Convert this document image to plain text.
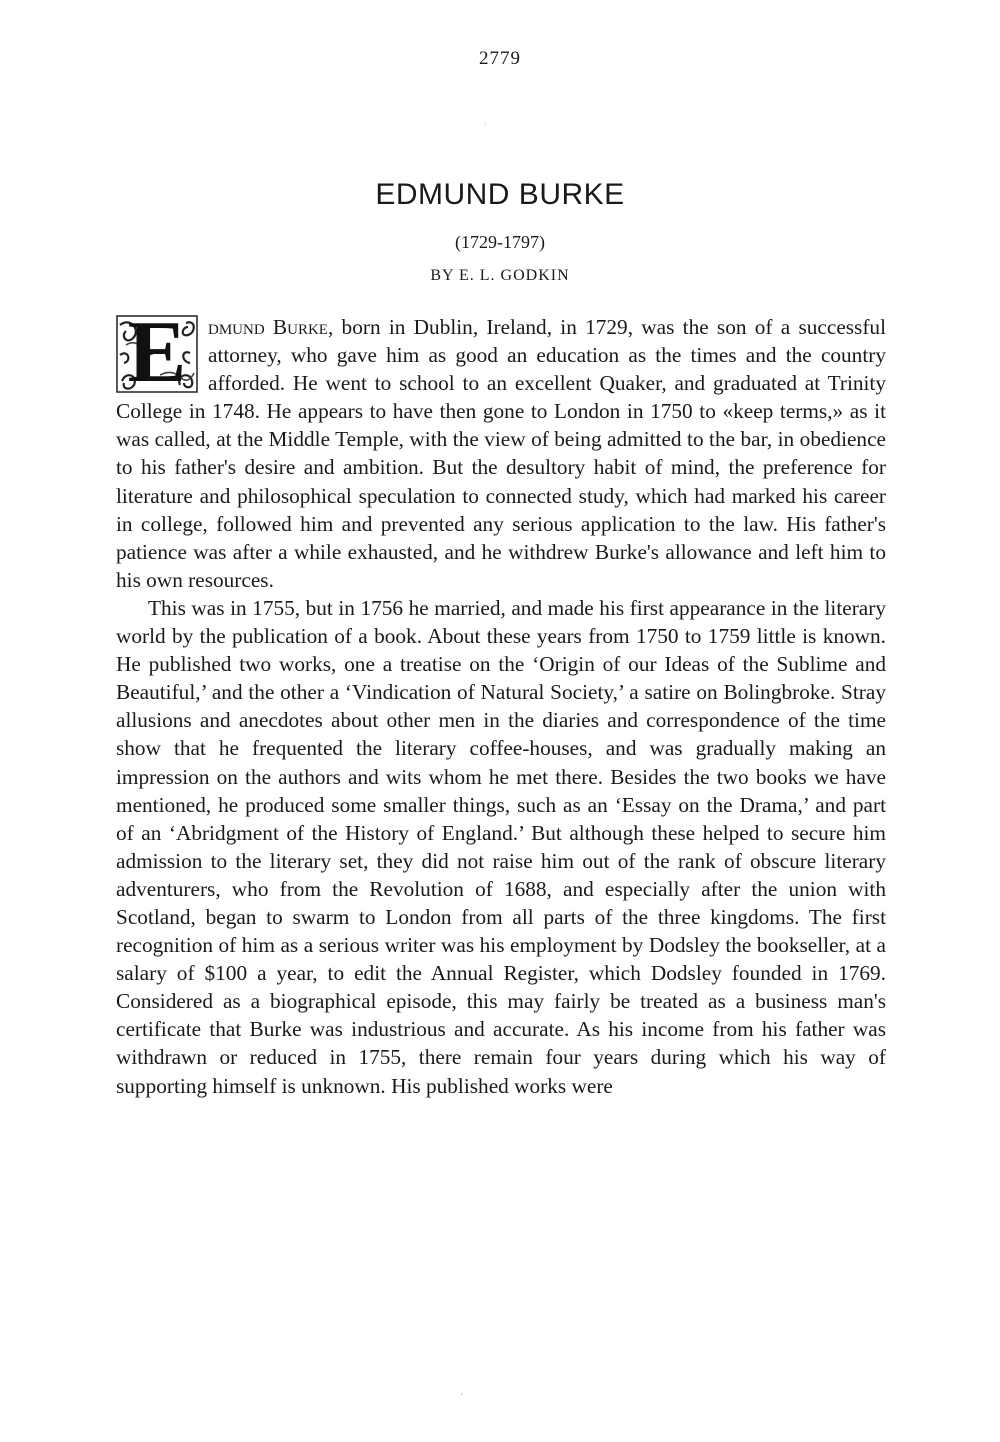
2779
·
EDMUND BURKE
(1729-1797)
BY E. L. GODKIN

E	dmund Burke, born in Dublin, Ireland, in 1729, was the son of a successful attorney, who gave him as good an education as the times and the country afforded. He went to school to an excellent Quaker, and graduated at Trinity College in 1748. He appears to have then gone to London in 1750 to «keep terms,» as it was called, at the Middle Temple, with the view of being admitted to the bar, in obedience to his father's desire and ambition. But the desultory habit of mind, the preference for literature and philosophical speculation to connected study, which had marked his career in college, followed him and prevented any serious application to the law. His father's patience was after a while exhausted, and he withdrew Burke's allowance and left him to his own resources.

This was in 1755, but in 1756 he married, and made his first appearance in the literary world by the publication of a book. About these years from 1750 to 1759 little is known. He published two works, one a treatise on the ‘Origin of our Ideas of the Sublime and Beautiful,’ and the other a ‘Vindication of Natural Society,’ a satire on Bolingbroke. Stray allusions and anecdotes about other men in the diaries and correspondence of the time show that he frequented the literary coffee-houses, and was gradually making an impression on the authors and wits whom he met there. Besides the two books we have mentioned, he produced some smaller things, such as an ‘Essay on the Drama,’ and part of an ‘Abridgment of the History of England.’ But although these helped to secure him admission to the literary set, they did not raise him out of the rank of obscure literary adventurers, who from the Revolution of 1688, and especially after the union with Scotland, began to swarm to London from all parts of the three kingdoms. The first recognition of him as a serious writer was his employment by Dodsley the bookseller, at a salary of $100 a year, to edit the Annual Register, which Dodsley founded in 1769. Considered as a biographical episode, this may fairly be treated as a business man's certificate that Burke was industrious and accurate. As his income from his father was withdrawn or reduced in 1755, there remain four years during which his way of supporting himself is unknown. His published works were

·
